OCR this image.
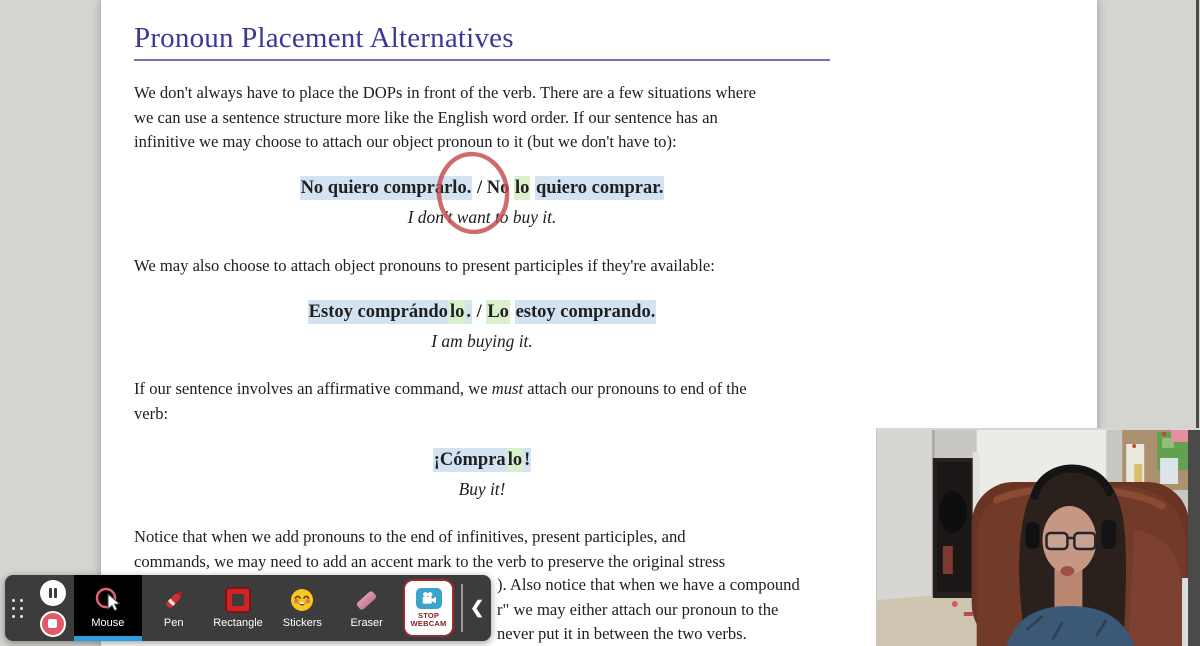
Pronoun Placement Alternatives
We don't always have to place the DOPs in front of the verb. There are a few situations where
we can use a sentence structure more like the English word order. If our sentence has an
infinitive we may choose to attach our object pronoun to it (but we don't have to):
No quiero comprarlo. / No lo quiero comprar.
I don't want to buy it.
We may also choose to attach object pronouns to present participles if they're available:
Estoy comprándo lo . / Lo estoy comprando.
I am buying it.
If our sentence involves an affirmative command, we must attach our pronouns to end of the
verb:
¡Cómpra lo !
Buy it!
Notice that when we add pronouns to the end of infinitives, present participles, and
commands, we may need to add an accent mark to the verb to preserve the original stress
). Also notice that when we have a compound
r" we may either attach our pronoun to the
never put it in between the two verbs.
Mouse	Pen	Rectangle Stickers	Eraser
STOP
WEBCAM
❮
